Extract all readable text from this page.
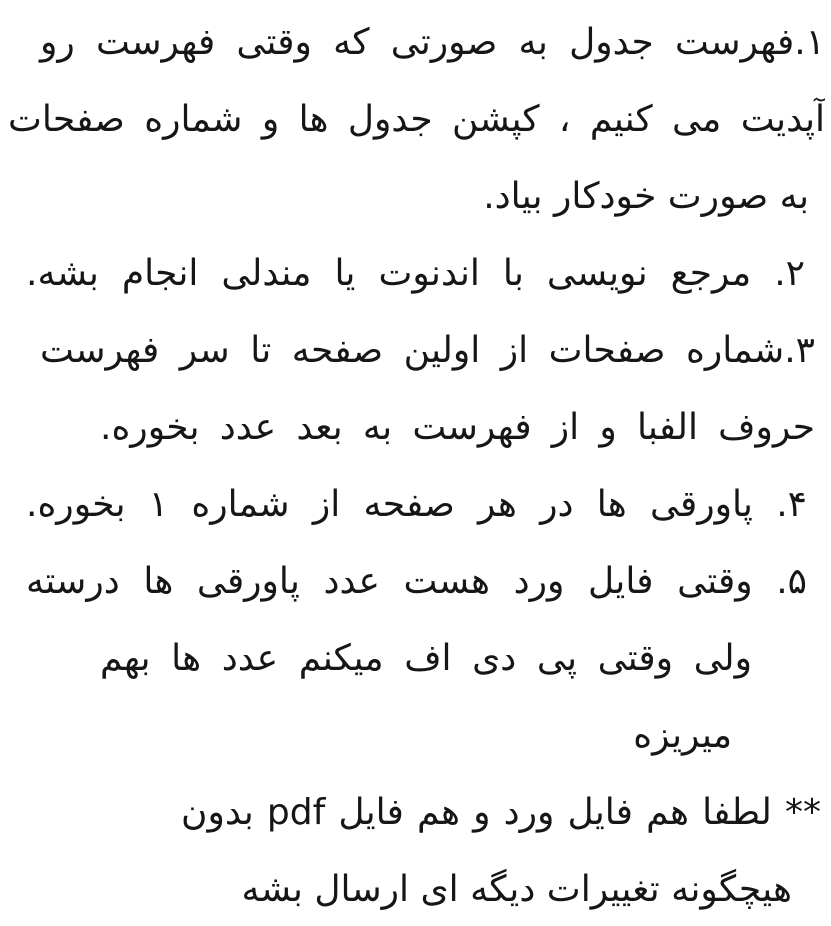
۱.فهرست جدول به صورتی که وقتی فهرست رو
آپدیت می کنیم ، کپشن جدول ها و شماره صفحات
به صورت خودکار بیاد.
۲. مرجع نویسی با اندنوت یا مندلی انجام بشه.
۳.شماره صفحات از اولین صفحه تا سر فهرست
حروف الفبا و از فهرست به بعد عدد بخوره.
۴. پاورقی ها در هر صفحه از شماره ۱ بخوره.
۵. وقتی فایل ورد هست عدد پاورقی ها درسته
ولی وقتی پی دی اف میکنم عدد ها بهم
میریزه
** لطفا هم فایل ورد و هم فایل pdf بدون
هیچگونه تغییرات دیگه ای ارسال بشه
